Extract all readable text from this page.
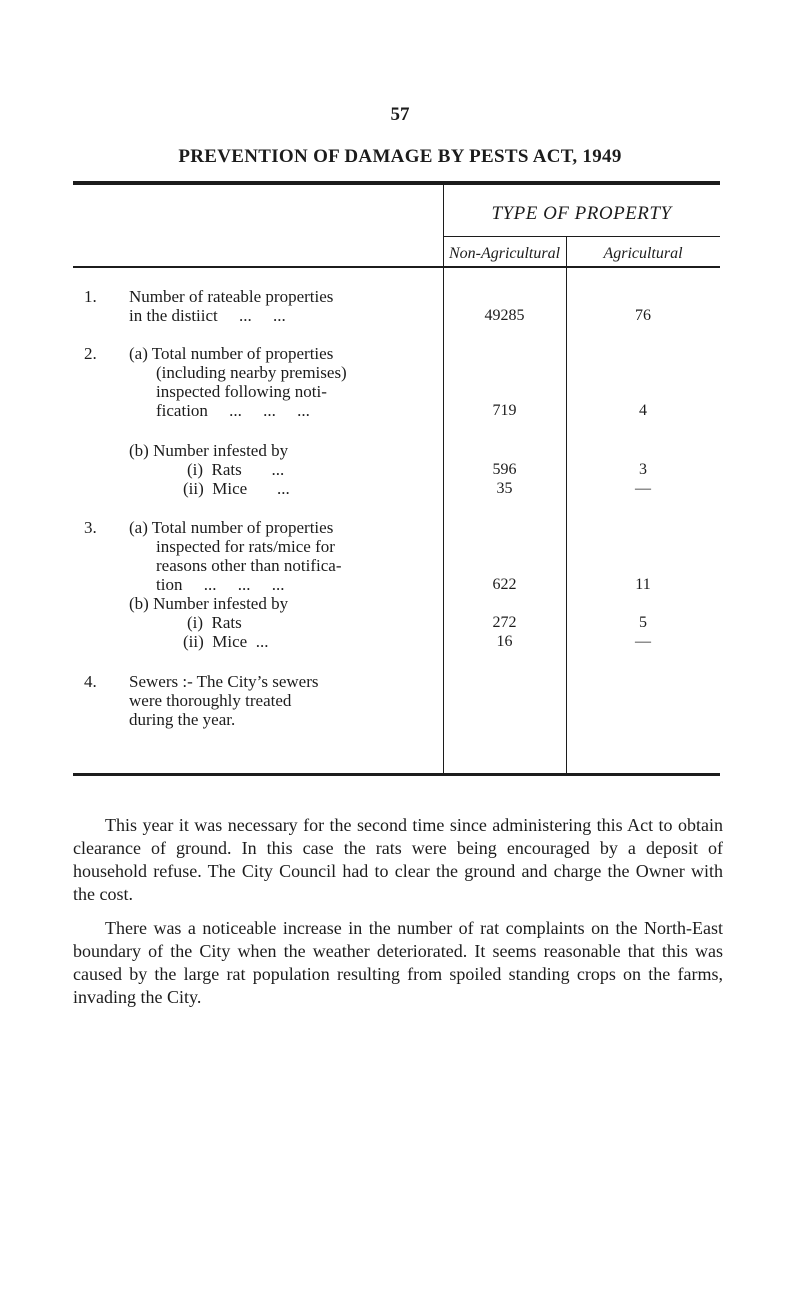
57
PREVENTION OF DAMAGE BY PESTS ACT, 1949
TYPE OF PROPERTY
Non-Agricultural	Agricultural
1. Number of rateable properties
in the distiict     ...     ...	49285	76
2. (a) Total number of properties
(including nearby premises)
inspected following noti-
fication     ...     ...     ...	719	4
(b) Number infested by
(i)  Rats       ...	596	3
(ii)  Mice       ...	35	—
3. (a) Total number of properties
inspected for rats/mice for
reasons other than notifica-
tion     ...     ...     ...	622	11
(b) Number infested by
(i)  Rats	272	5
(ii)  Mice  ...	16	—
4. Sewers :- The City’s sewers
were thoroughly treated
during the year.
This year it was necessary for the second time since administering this Act to obtain clearance of ground. In this case the rats were being encouraged by a deposit of household refuse. The City Council had to clear the ground and charge the Owner with the cost.
There was a noticeable increase in the number of rat complaints on the North-East boundary of the City when the weather deteriorated. It seems reasonable that this was caused by the large rat population resulting from spoiled standing crops on the farms, invading the City.
